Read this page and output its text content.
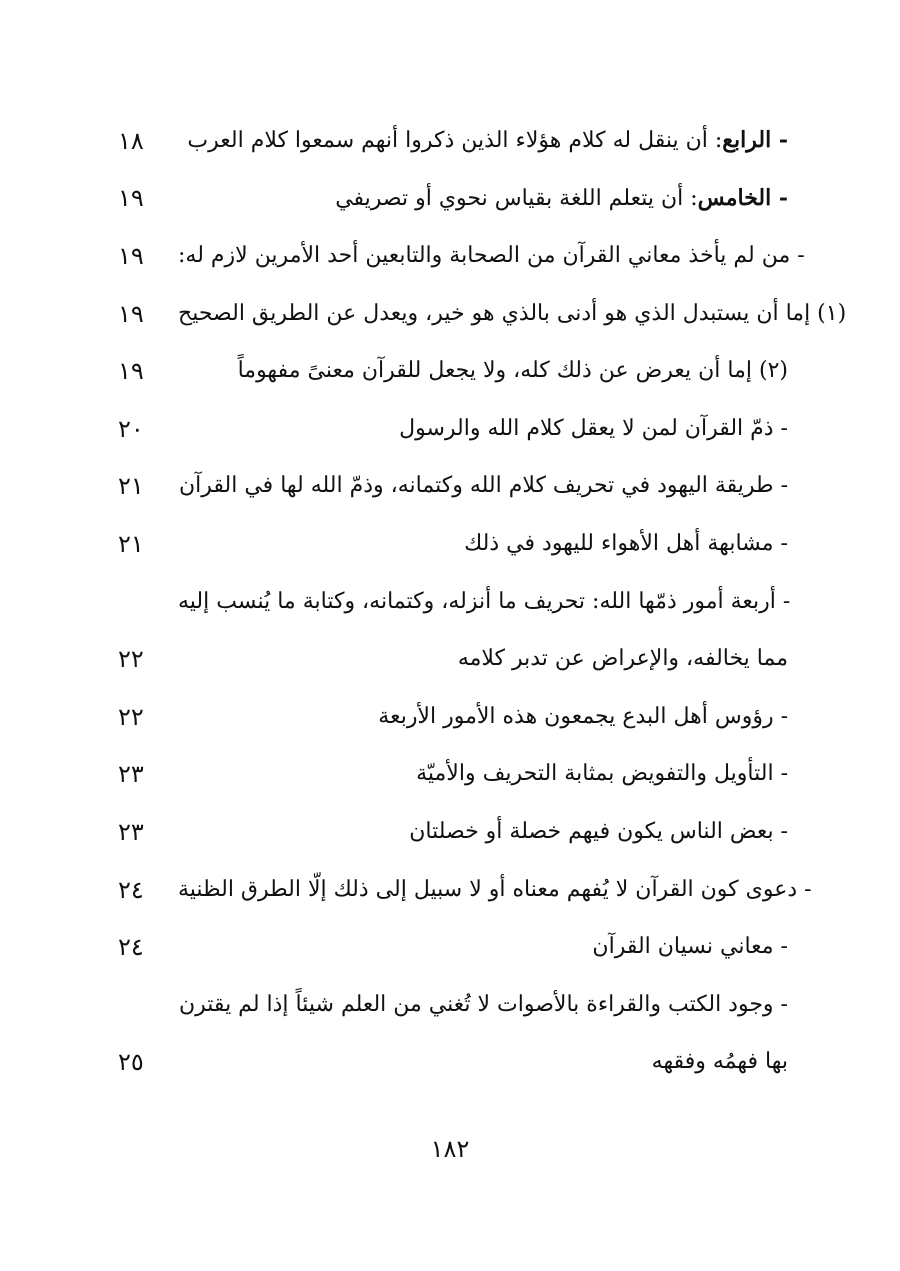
١٨	- الرابع: أن ينقل له كلام هؤلاء الذين ذكروا أنهم سمعوا كلام العرب
١٩	- الخامس: أن يتعلم اللغة بقياس نحوي أو تصريفي
١٩	- من لم يأخذ معاني القرآن من الصحابة والتابعين أحد الأمرين لازم له:
١٩	(١) إما أن يستبدل الذي هو أدنى بالذي هو خير، ويعدل عن الطريق الصحيح
١٩	(٢) إما أن يعرض عن ذلك كله، ولا يجعل للقرآن معنىً مفهوماً
٢٠	- ذمّ القرآن لمن لا يعقل كلام الله والرسول
٢١	- طريقة اليهود في تحريف كلام الله وكتمانه، وذمّ الله لها في القرآن
٢١	- مشابهة أهل الأهواء لليهود في ذلك
- أربعة أمور ذمّها الله: تحريف ما أنزله، وكتمانه، وكتابة ما يُنسب إليه
٢٢	مما يخالفه، والإعراض عن تدبر كلامه
٢٢	- رؤوس أهل البدع يجمعون هذه الأمور الأربعة
٢٣	- التأويل والتفويض بمثابة التحريف والأميّة
٢٣	- بعض الناس يكون فيهم خصلة أو خصلتان
٢٤	- دعوى كون القرآن لا يُفهم معناه أو لا سبيل إلى ذلك إلّا الطرق الظنية
٢٤	- معاني نسيان القرآن
- وجود الكتب والقراءة بالأصوات لا تُغني من العلم شيئاً إذا لم يقترن
٢٥	بها فهمُه وفقهه
١٨٢
